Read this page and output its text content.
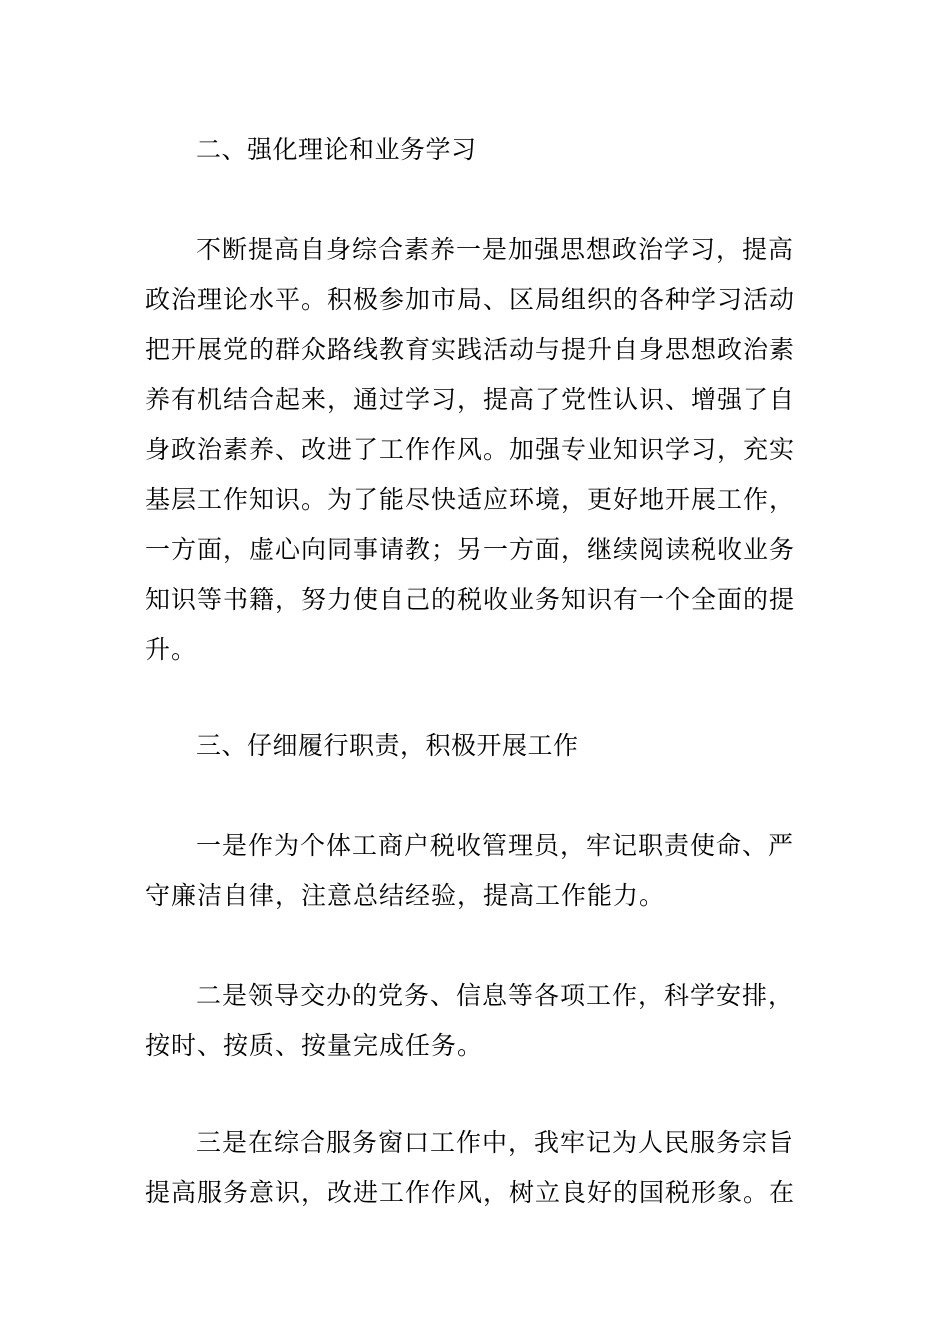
二、强化理论和业务学习
不断提高自身综合素养一是加强思想政治学习，提高
政治理论水平。积极参加市局、区局组织的各种学习活动
把开展党的群众路线教育实践活动与提升自身思想政治素
养有机结合起来，通过学习，提高了党性认识、增强了自
身政治素养、改进了工作作风。加强专业知识学习，充实
基层工作知识。为了能尽快适应环境，更好地开展工作，
一方面，虚心向同事请教；另一方面，继续阅读税收业务
知识等书籍，努力使自己的税收业务知识有一个全面的提
升。
三、仔细履行职责，积极开展工作
一是作为个体工商户税收管理员，牢记职责使命、严
守廉洁自律，注意总结经验，提高工作能力。
二是领导交办的党务、信息等各项工作，科学安排，
按时、按质、按量完成任务。
三是在综合服务窗口工作中，我牢记为人民服务宗旨
提高服务意识，改进工作作风，树立良好的国税形象。在
